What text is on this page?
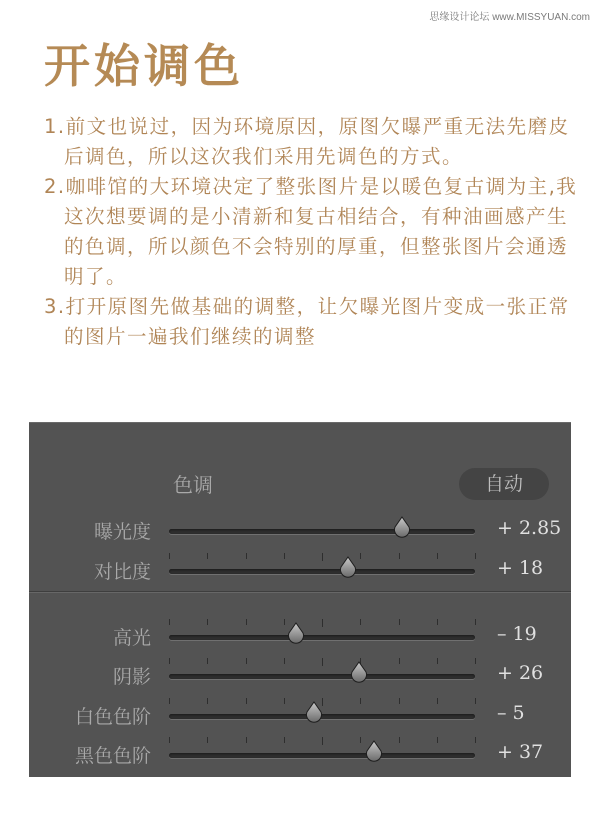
思缘设计论坛 www.MISSYUAN.com
开始调色
1.前文也说过，因为环境原因，原图欠曝严重无法先磨皮后调色，所以这次我们采用先调色的方式。
2.咖啡馆的大环境决定了整张图片是以暖色复古调为主,我这次想要调的是小清新和复古相结合，有种油画感产生的色调，所以颜色不会特别的厚重，但整张图片会通透明了。
3.打开原图先做基础的调整，让欠曝光图片变成一张正常的图片一遍我们继续的调整
色调	自动
曝光度	+ 2.85
对比度	+ 18
高光	– 19
阴影	+ 26
白色色阶	– 5
黑色色阶	+ 37
